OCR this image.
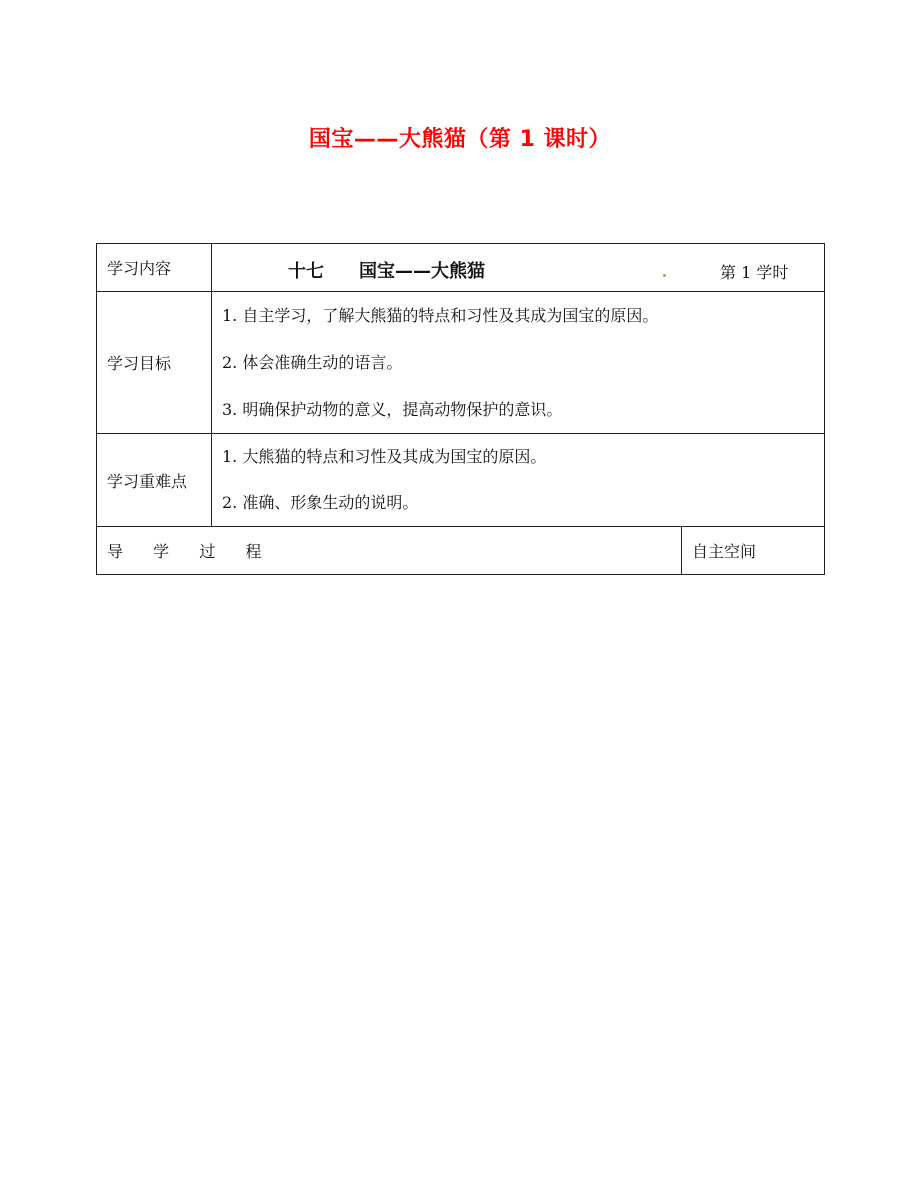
国宝——大熊猫（第 1 课时）
学习内容	十七 国宝——大熊猫 第 1 学时	

学习目标	1. 自主学习，了解大熊猫的特点和习性及其成为国宝的原因。

2. 体会准确生动的语言。

3. 明确保护动物的意义，提高动物保护的意识。	

学习重难点	1. 大熊猫的特点和习性及其成为国宝的原因。

2. 准确、形象生动的说明。	

导 学 过 程		自主空间
